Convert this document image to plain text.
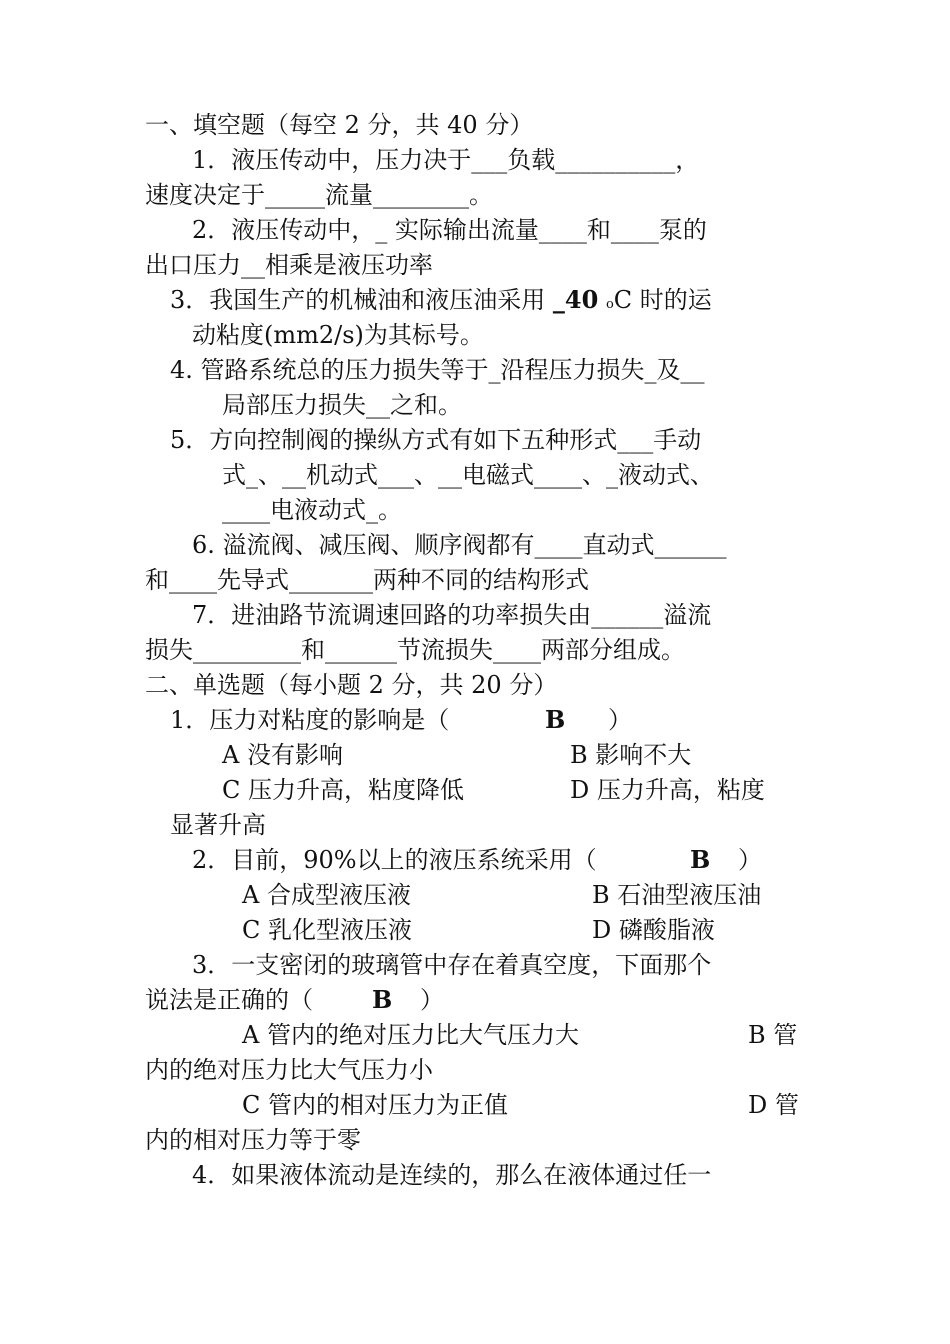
一、填空题（每空 2 分，共 40 分）
1．液压传动中，压力决于___负载__________，
速度决定于_____流量________。
2．液压传动中，_ 实际输出流量____和____泵的
出口压力__相乘是液压功率
3．我国生产的机械油和液压油采用 _40 oC 时的运
动粘度(mm2/s)为其标号。
4. 管路系统总的压力损失等于_沿程压力损失_及__
局部压力损失__之和。
5．方向控制阀的操纵方式有如下五种形式___手动
式_、__机动式___、__电磁式____、_液动式、
____电液动式_。
6. 溢流阀、减压阀、顺序阀都有____直动式______
和____先导式_______两种不同的结构形式
7．进油路节流调速回路的功率损失由______溢流
损失_________和______节流损失____两部分组成。
二、单选题（每小题 2 分，共 20 分）
1．压力对粘度的影响是（	B ）
A 没有影响	B 影响不大
C 压力升高，粘度降低	D 压力升高，粘度
显著升高
2．目前，90%以上的液压系统采用（	B ）
A 合成型液压液	B 石油型液压油
C 乳化型液压液	D 磷酸脂液
3．一支密闭的玻璃管中存在着真空度，下面那个
说法是正确的（ B ）
A 管内的绝对压力比大气压力大	B 管
内的绝对压力比大气压力小
C 管内的相对压力为正值	D 管
内的相对压力等于零
4．如果液体流动是连续的，那么在液体通过任一
